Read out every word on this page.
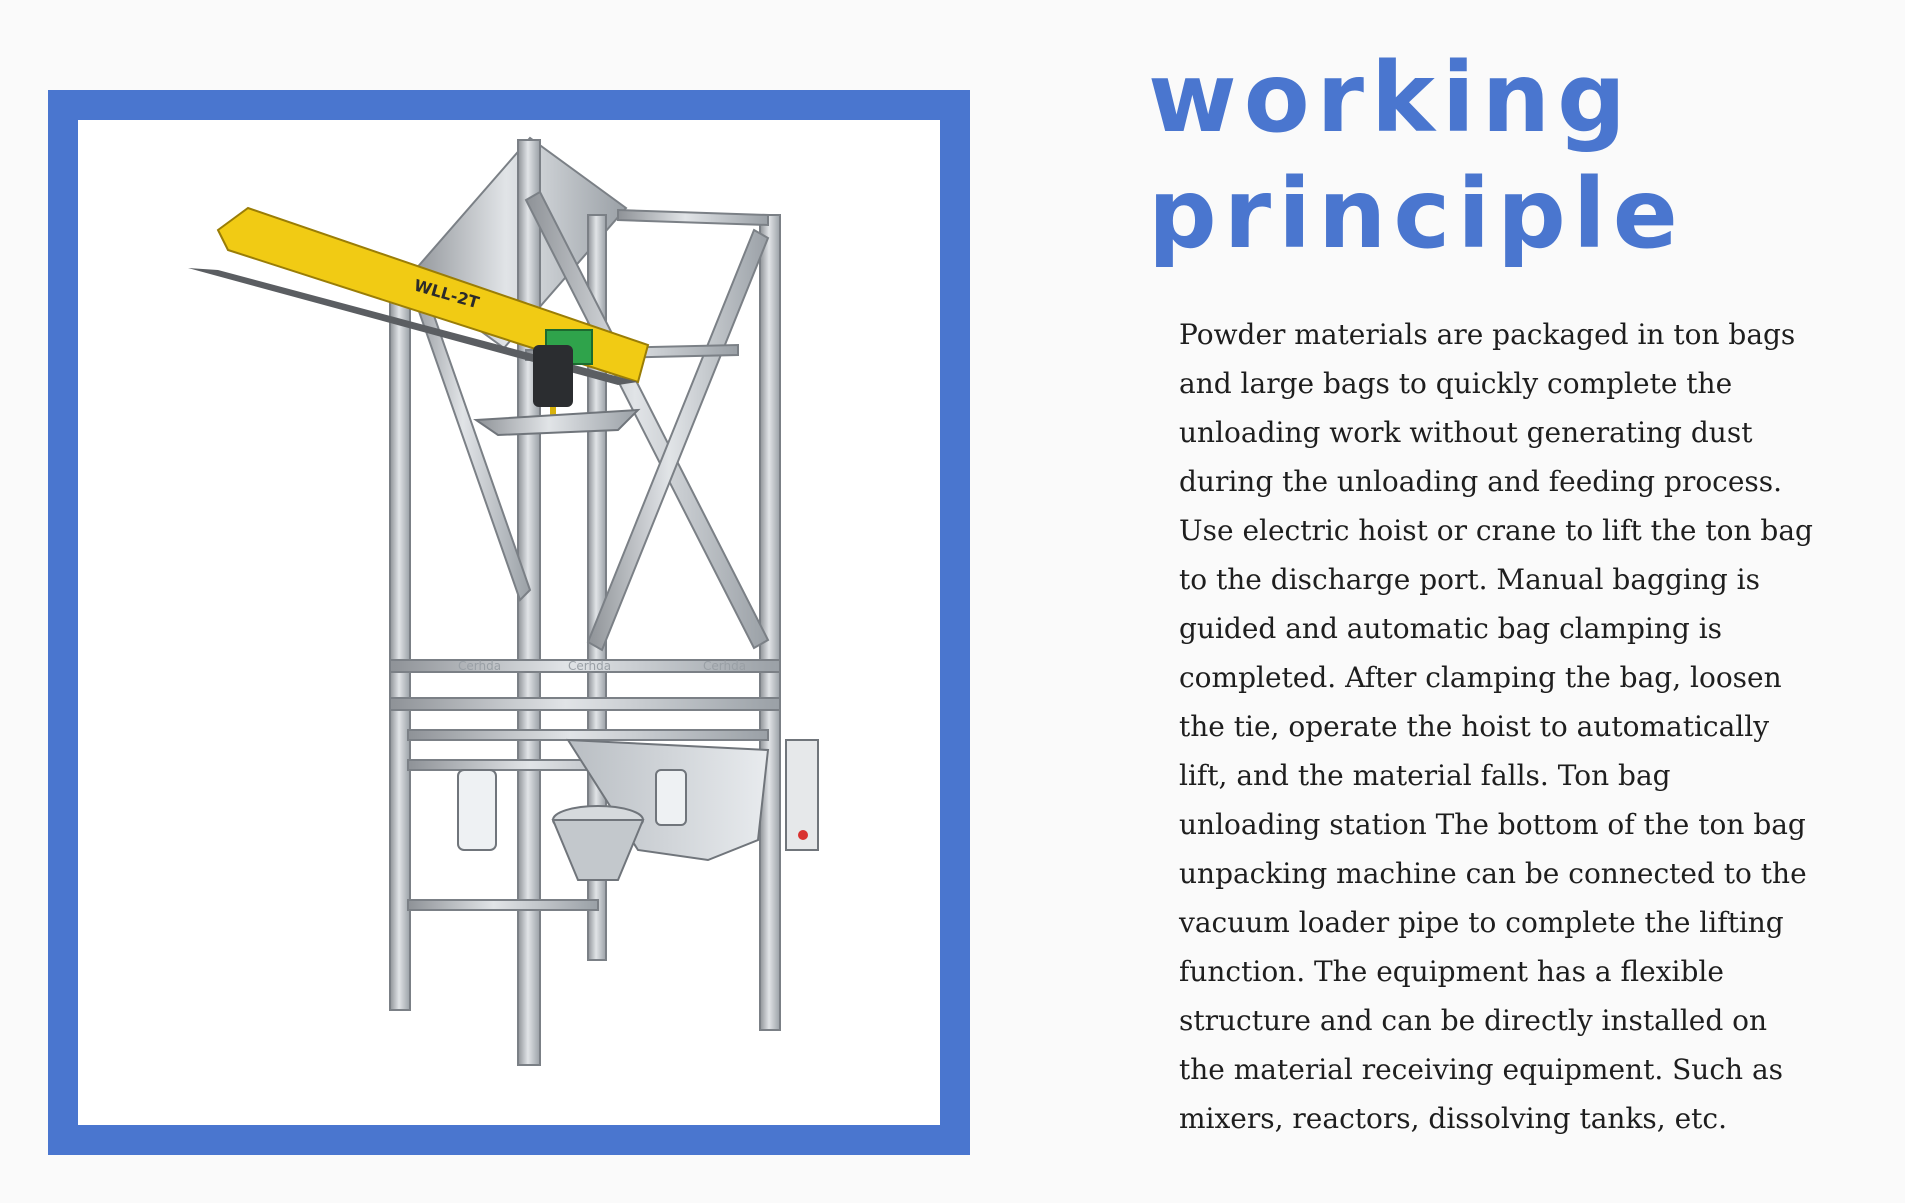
Cerhda	Cerhda	Cerhda
WLL-2T
working
principle

Powder materials are packaged in ton bags
and large bags to quickly complete the
unloading work without generating dust
during the unloading and feeding process.
Use electric hoist or crane to lift the ton bag
to the discharge port. Manual bagging is
guided and automatic bag clamping is
completed. After clamping the bag, loosen
the tie, operate the hoist to automatically
lift, and the material falls. Ton bag
unloading station The bottom of the ton bag
unpacking machine can be connected to the
vacuum loader pipe to complete the lifting
function. The equipment has a flexible
structure and can be directly installed on
the material receiving equipment. Such as
mixers, reactors, dissolving tanks, etc.
